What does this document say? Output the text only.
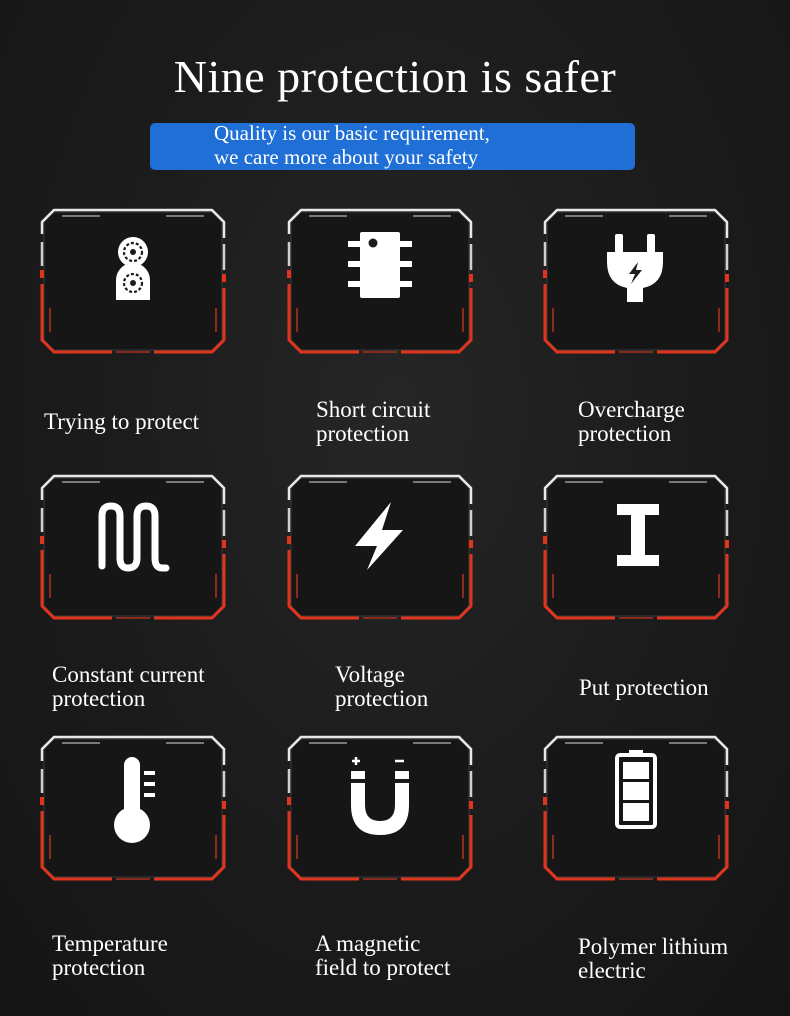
Nine protection is safer
Quality is our basic requirement,
we care more about your safety
Trying to protect	Short circuit
protection
Overcharge
protection
Constant current
protection
Voltage
protection	Put protection
Temperature
protection
A magnetic
field to protect
Polymer lithium
electric
